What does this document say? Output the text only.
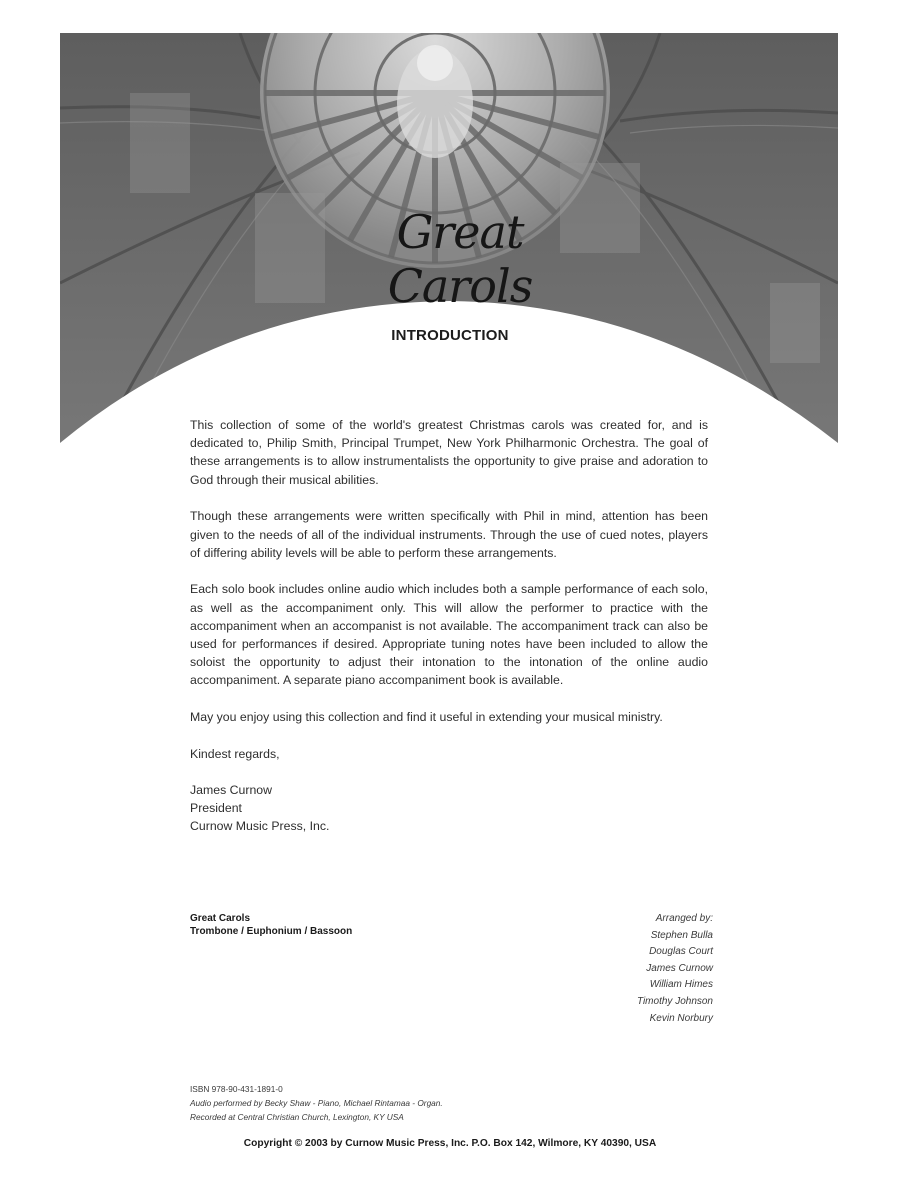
Great Carols
INTRODUCTION

This collection of some of the world's greatest Christmas carols was created for, and is dedicated to, Philip Smith, Principal Trumpet, New York Philharmonic Orchestra. The goal of these arrangements is to allow instrumentalists the opportunity to give praise and adoration to God through their musical abilities.

Though these arrangements were written specifically with Phil in mind, attention has been given to the needs of all of the individual instruments. Through the use of cued notes, players of differing ability levels will be able to perform these arrangements.

Each solo book includes online audio which includes both a sample performance of each solo, as well as the accompaniment only. This will allow the performer to practice with the accompaniment when an accompanist is not available. The accompaniment track can also be used for performances if desired. Appropriate tuning notes have been included to allow the soloist the opportunity to adjust their intonation to the intonation of the online audio accompaniment. A separate piano accompaniment book is available.

May you enjoy using this collection and find it useful in extending your musical ministry.

Kindest regards,

James Curnow

President

Curnow Music Press, Inc.

Great Carols
Trombone / Euphonium / Bassoon
Arranged by:
Stephen Bulla
Douglas Court
James Curnow
William Himes
Timothy Johnson
Kevin Norbury
ISBN 978-90-431-1891-0
Audio performed by Becky Shaw - Piano, Michael Rintamaa - Organ.
Recorded at Central Christian Church, Lexington, KY USA
Copyright © 2003 by Curnow Music Press, Inc. P.O. Box 142, Wilmore, KY 40390, USA
